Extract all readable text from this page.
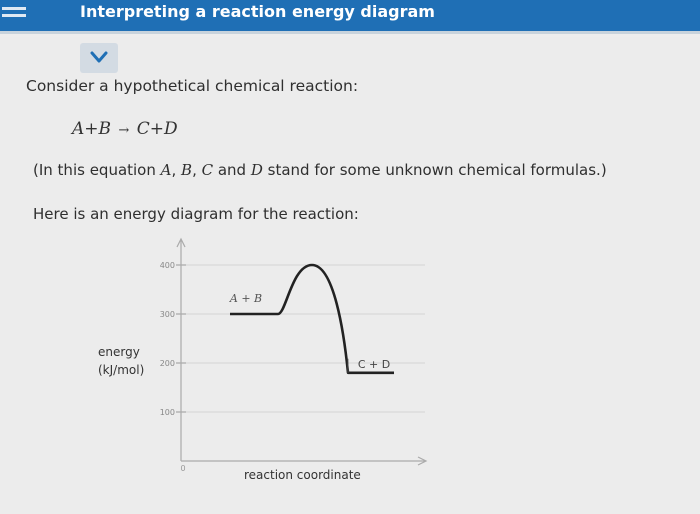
Interpreting a reaction energy diagram
Consider a hypothetical chemical reaction:
A+B → C+D
(In this equation A, B, C and D stand for some unknown chemical formulas.)
Here is an energy diagram for the reaction:
energy
(kJ/mol)
reaction coordinate
100
200
300
400
0
A + B
C + D
